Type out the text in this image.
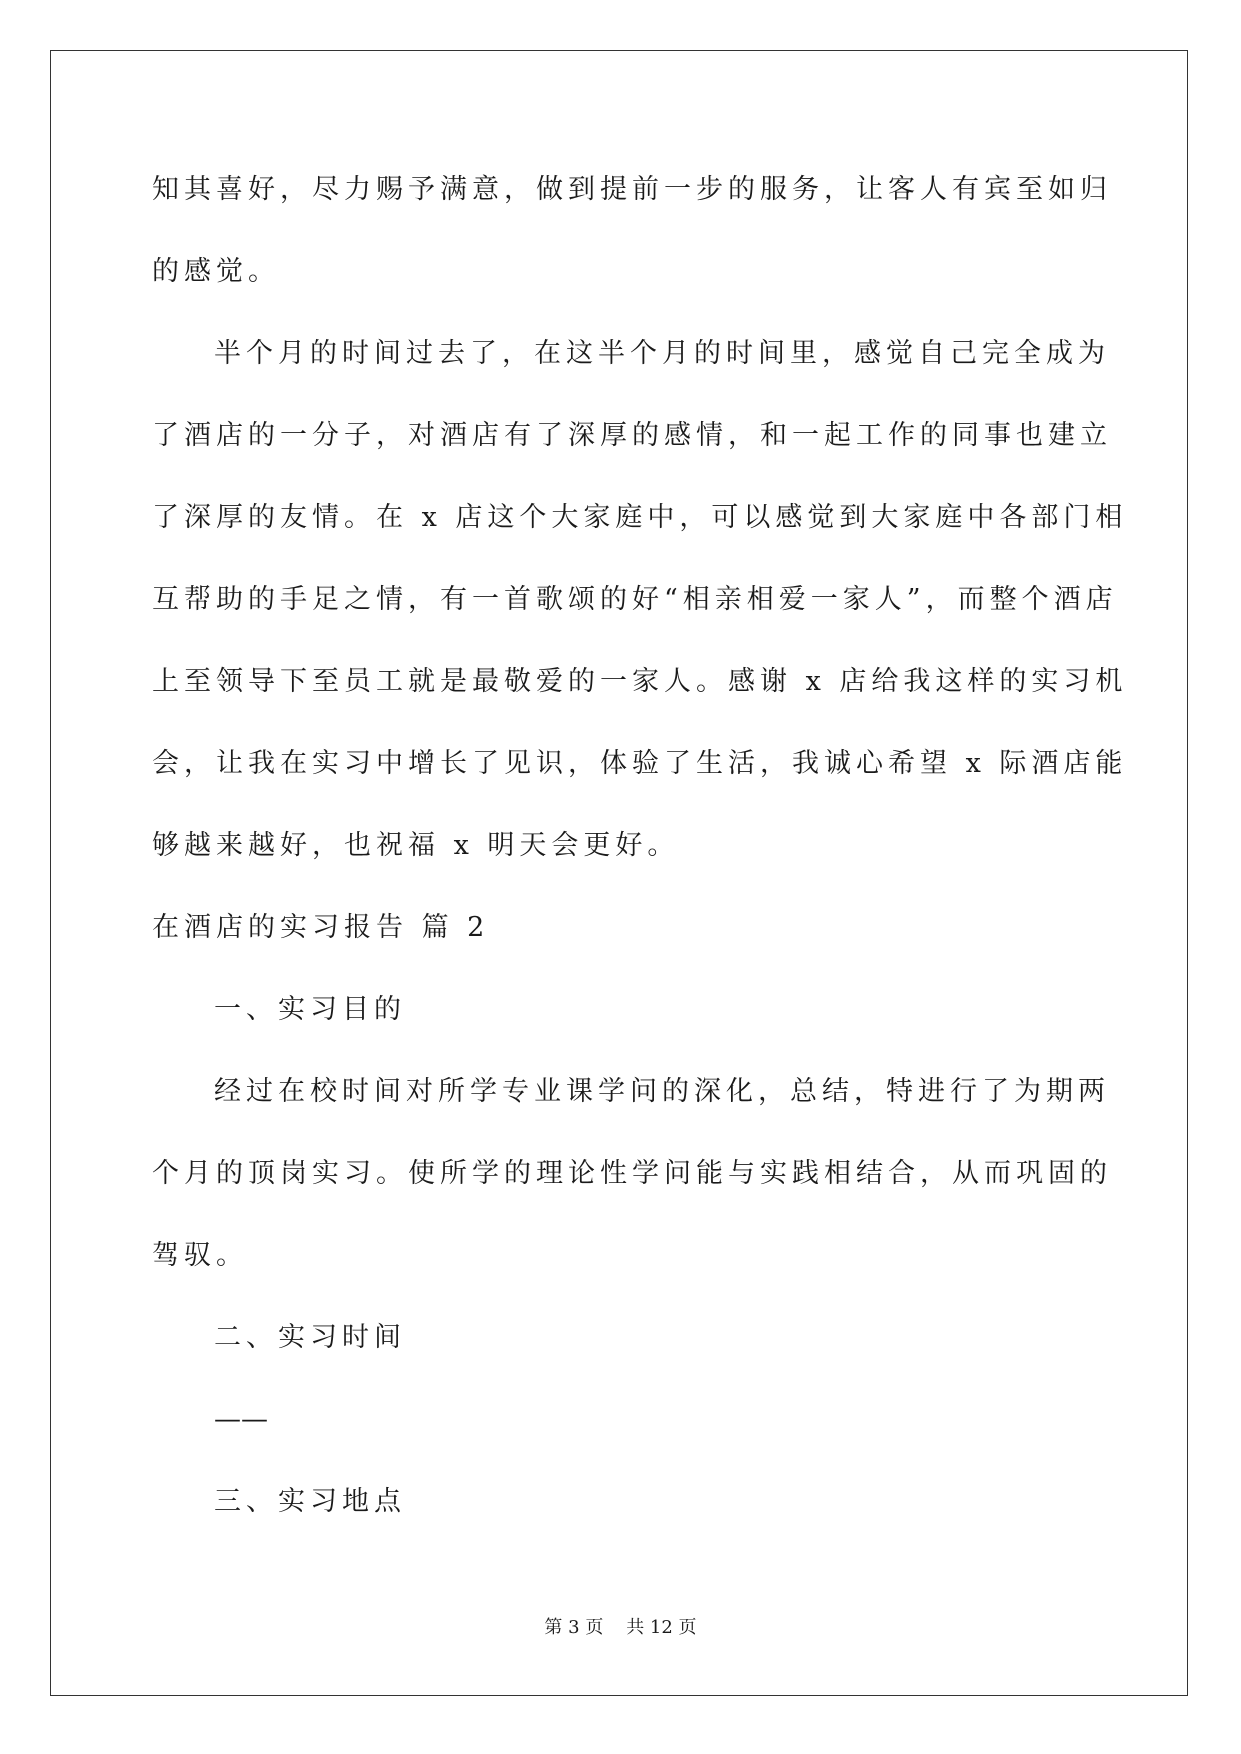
知其喜好，尽力赐予满意，做到提前一步的服务，让客人有宾至如归
的感觉。
半个月的时间过去了，在这半个月的时间里，感觉自己完全成为
了酒店的一分子，对酒店有了深厚的感情，和一起工作的同事也建立
了深厚的友情。在 x 店这个大家庭中，可以感觉到大家庭中各部门相
互帮助的手足之情，有一首歌颂的好“相亲相爱一家人”，而整个酒店
上至领导下至员工就是最敬爱的一家人。感谢 x 店给我这样的实习机
会，让我在实习中增长了见识，体验了生活，我诚心希望 x 际酒店能
够越来越好，也祝福 x 明天会更好。
在酒店的实习报告 篇 2
一、实习目的
经过在校时间对所学专业课学问的深化，总结，特进行了为期两
个月的顶岗实习。使所学的理论性学问能与实践相结合，从而巩固的
驾驭。
二、实习时间
——
三、实习地点
第 3 页    共 12 页
